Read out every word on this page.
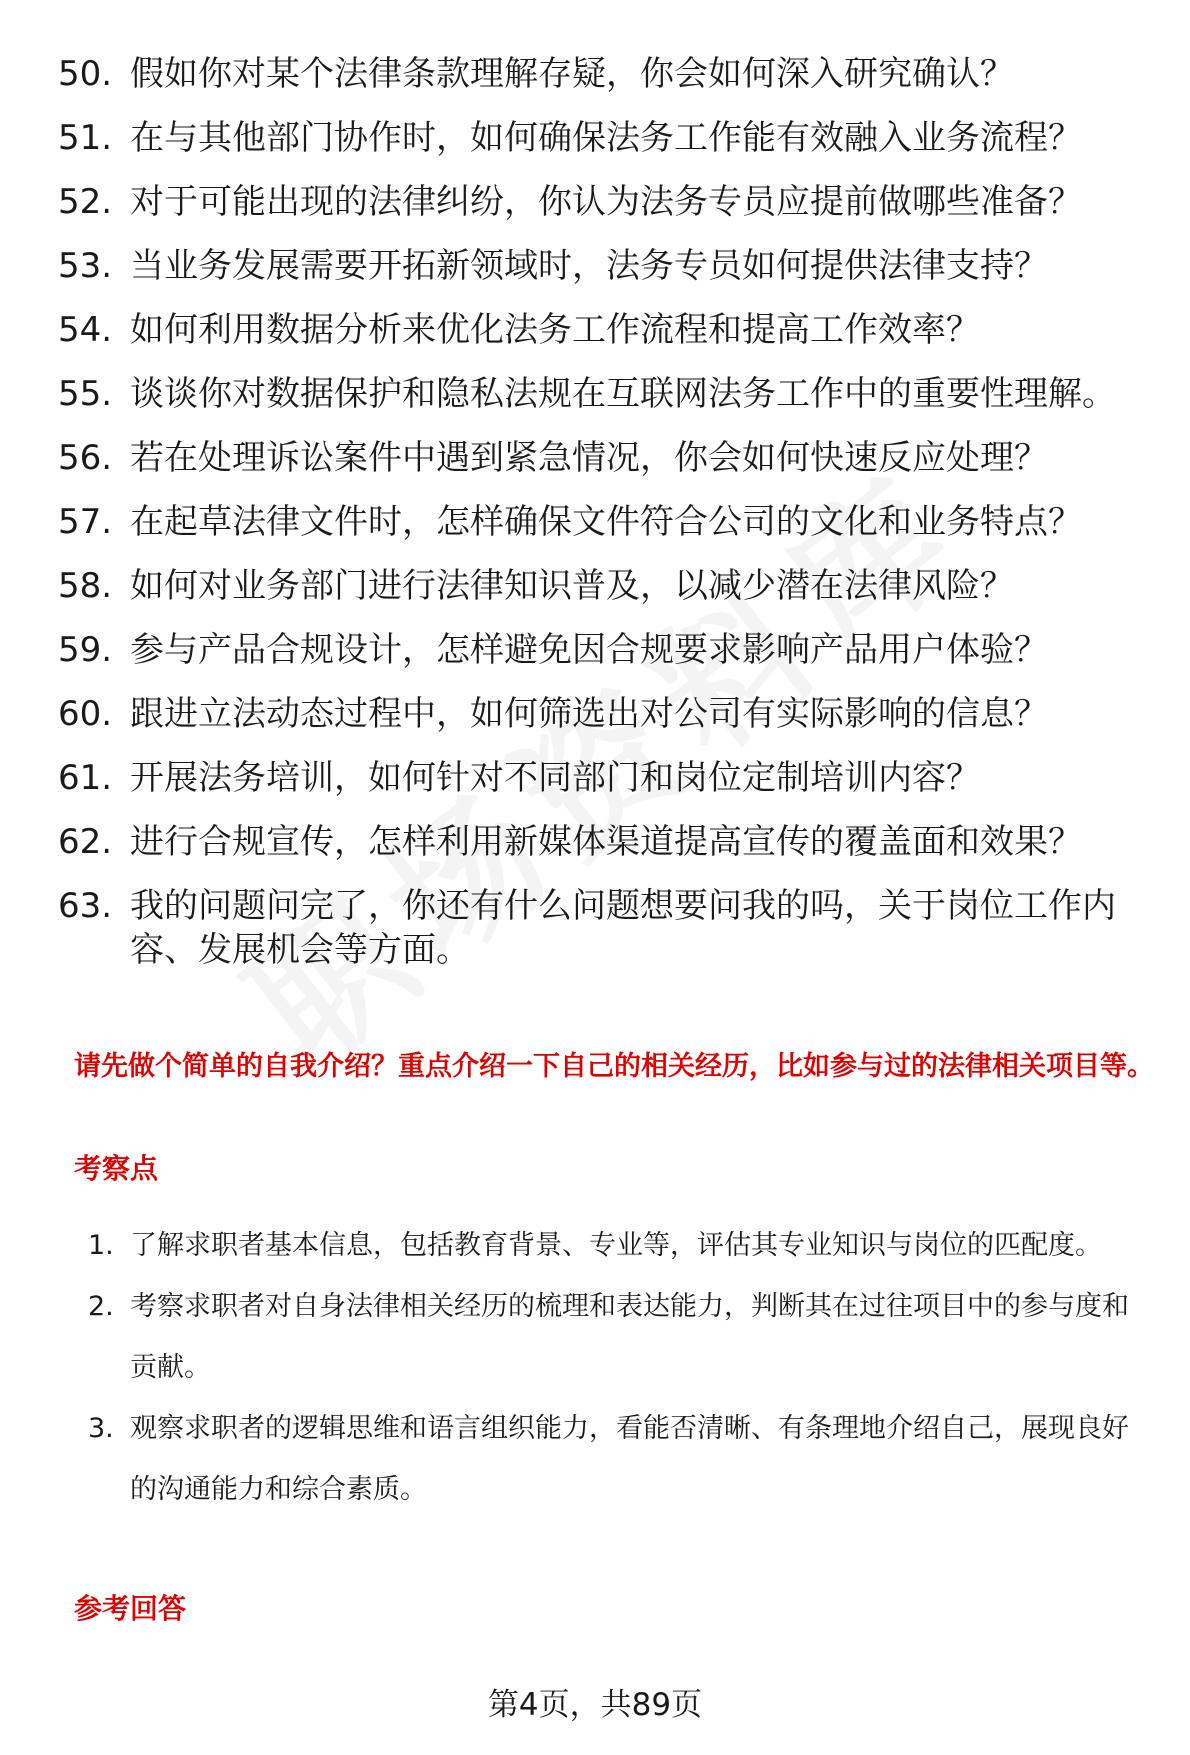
50. 假如你对某个法律条款理解存疑，你会如何深入研究确认？
51. 在与其他部门协作时，如何确保法务工作能有效融入业务流程？
52. 对于可能出现的法律纠纷，你认为法务专员应提前做哪些准备？
53. 当业务发展需要开拓新领域时，法务专员如何提供法律支持？
54. 如何利用数据分析来优化法务工作流程和提高工作效率？
55. 谈谈你对数据保护和隐私法规在互联网法务工作中的重要性理解。
56. 若在处理诉讼案件中遇到紧急情况，你会如何快速反应处理？
57. 在起草法律文件时，怎样确保文件符合公司的文化和业务特点？
58. 如何对业务部门进行法律知识普及，以减少潜在法律风险？
59. 参与产品合规设计，怎样避免因合规要求影响产品用户体验？
60. 跟进立法动态过程中，如何筛选出对公司有实际影响的信息？
61. 开展法务培训，如何针对不同部门和岗位定制培训内容？
62. 进行合规宣传，怎样利用新媒体渠道提高宣传的覆盖面和效果？
63. 我的问题问完了，你还有什么问题想要问我的吗，关于岗位工作内容、发展机会等方面。
请先做个简单的自我介绍？重点介绍一下自己的相关经历，比如参与过的法律相关项目等。
考察点
1. 了解求职者基本信息，包括教育背景、专业等，评估其专业知识与岗位的匹配度。
2. 考察求职者对自身法律相关经历的梳理和表达能力，判断其在过往项目中的参与度和贡献。
3. 观察求职者的逻辑思维和语言组织能力，看能否清晰、有条理地介绍自己，展现良好的沟通能力和综合素质。
参考回答
第4页，共89页
